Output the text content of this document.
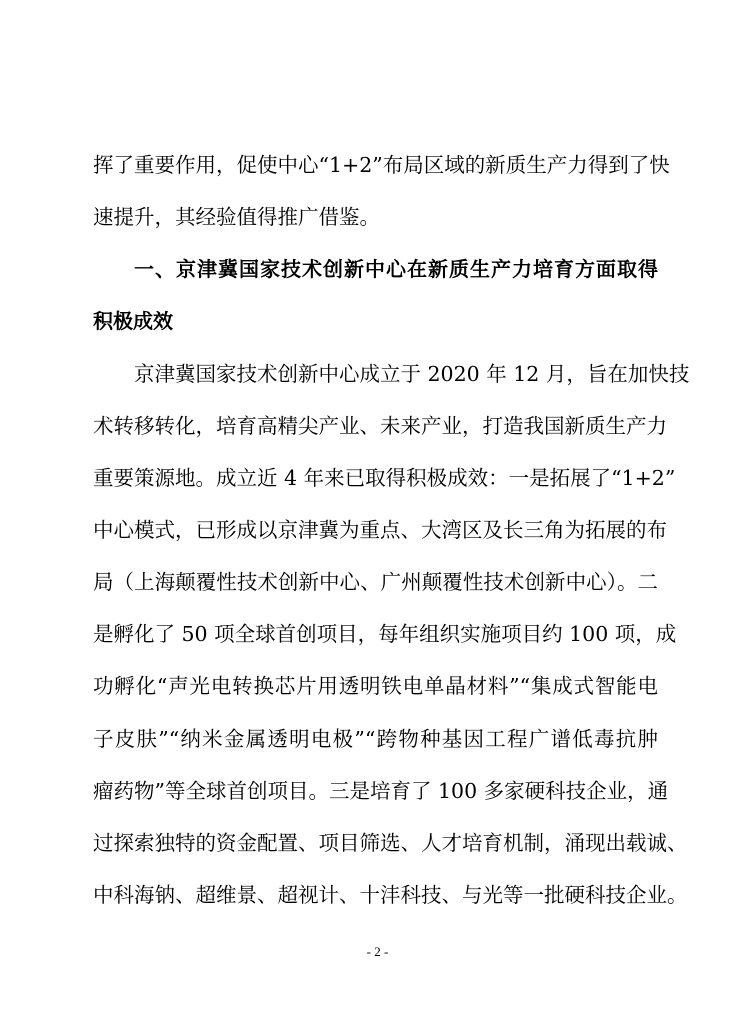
挥了重要作用，促使中心“1+2”布局区域的新质生产力得到了快
速提升，其经验值得推广借鉴。
一、京津冀国家技术创新中心在新质生产力培育方面取得
积极成效
京津冀国家技术创新中心成立于 2020 年 12 月，旨在加快技
术转移转化，培育高精尖产业、未来产业，打造我国新质生产力
重要策源地。成立近 4 年来已取得积极成效：一是拓展了“1+2”
中心模式，已形成以京津冀为重点、大湾区及长三角为拓展的布
局（上海颠覆性技术创新中心、广州颠覆性技术创新中心）。二
是孵化了 50 项全球首创项目，每年组织实施项目约 100 项，成
功孵化“声光电转换芯片用透明铁电单晶材料”“集成式智能电
子皮肤”“纳米金属透明电极”“跨物种基因工程广谱低毒抗肿
瘤药物”等全球首创项目。三是培育了 100 多家硬科技企业，通
过探索独特的资金配置、项目筛选、人才培育机制，涌现出载诚、
中科海钠、超维景、超视计、十沣科技、与光等一批硬科技企业。
- 2 -
